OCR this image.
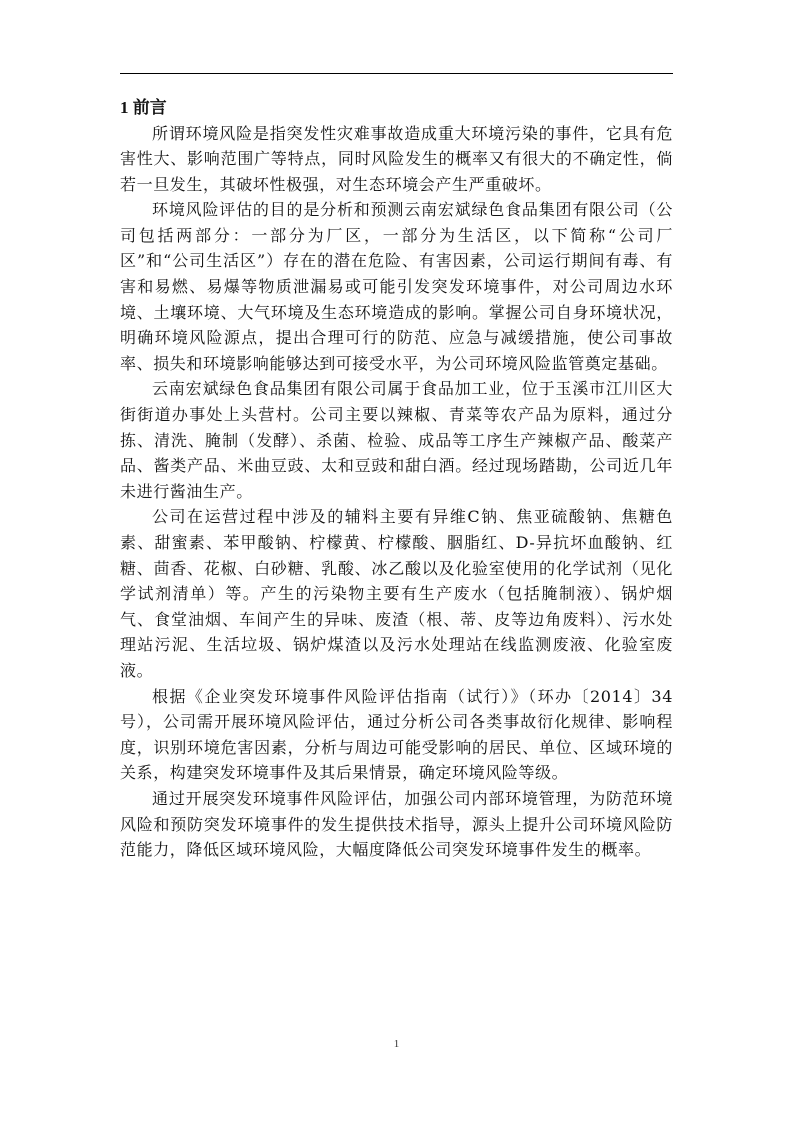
1 前言

所谓环境风险是指突发性灾难事故造成重大环境污染的事件，它具有危害性大、影响范围广等特点，同时风险发生的概率又有很大的不确定性，倘若一旦发生，其破坏性极强，对生态环境会产生严重破坏。

环境风险评估的目的是分析和预测云南宏斌绿色食品集团有限公司（公司包括两部分：一部分为厂区，一部分为生活区，以下简称“公司厂区”和“公司生活区”）存在的潜在危险、有害因素，公司运行期间有毒、有害和易燃、易爆等物质泄漏易或可能引发突发环境事件，对公司周边水环境、土壤环境、大气环境及生态环境造成的影响。掌握公司自身环境状况，明确环境风险源点，提出合理可行的防范、应急与减缓措施，使公司事故率、损失和环境影响能够达到可接受水平，为公司环境风险监管奠定基础。

云南宏斌绿色食品集团有限公司属于食品加工业，位于玉溪市江川区大街街道办事处上头营村。公司主要以辣椒、青菜等农产品为原料，通过分拣、清洗、腌制（发酵）、杀菌、检验、成品等工序生产辣椒产品、酸菜产品、酱类产品、米曲豆豉、太和豆豉和甜白酒。经过现场踏勘，公司近几年未进行酱油生产。

公司在运营过程中涉及的辅料主要有异维C钠、焦亚硫酸钠、焦糖色素、甜蜜素、苯甲酸钠、柠檬黄、柠檬酸、胭脂红、D-异抗坏血酸钠、红糖、茴香、花椒、白砂糖、乳酸、冰乙酸以及化验室使用的化学试剂（见化学试剂清单）等。产生的污染物主要有生产废水（包括腌制液）、锅炉烟气、食堂油烟、车间产生的异味、废渣（根、蒂、皮等边角废料）、污水处理站污泥、生活垃圾、锅炉煤渣以及污水处理站在线监测废液、化验室废液。

根据《企业突发环境事件风险评估指南（试行）》（环办〔2014〕34号），公司需开展环境风险评估，通过分析公司各类事故衍化规律、影响程度，识别环境危害因素，分析与周边可能受影响的居民、单位、区域环境的关系，构建突发环境事件及其后果情景，确定环境风险等级。

通过开展突发环境事件风险评估，加强公司内部环境管理，为防范环境风险和预防突发环境事件的发生提供技术指导，源头上提升公司环境风险防范能力，降低区域环境风险，大幅度降低公司突发环境事件发生的概率。

1
